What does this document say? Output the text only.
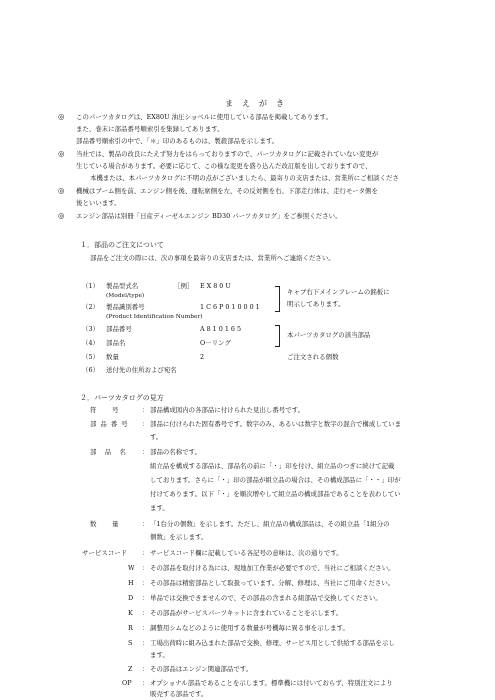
まえがき
◎ このパーツカタログは、EX80U 油圧ショベルに使用している部品を掲載してあります。
また、巻末に部品番号順索引を集録してあります。
部品番号順索引の中で、「＊」印のあるものは、製殺部品を示します。
◎ 当社では、製品の改良にたえず努力をはらっておりますので、パーツカタログに記載されていない変更が
生じている場合があります。必要に応じて、この様な変更を盛り込んだ改訂版を出しておりますので、
本機または、本パーツカタログに不明の点がございましたら、最寄りの支店または、営業所にご相談くださ
◎ 機械はブーム側を前、エンジン側を後、運転席側を左、その反対側を右、下部走行体は、走行モータ側を
後といいます。
◎ エンジン部品は別冊「日産ディーゼルエンジン BD30 パーツカタログ」をご参照ください。
１．部品のご注文について
部品をご注文の際には、次の事項を最寄りの支店または、営業所へご連絡ください。
（1） 製品型式名
(Model/type)
［例］ EX80U
（2） 製品識別番号
(Product Identification Number)
1C6P010001
キャブ右下メインフレームの銘板に
明示してあります。
（3） 部品番号	A810165
（4） 部品名	O－リング
本パーツカタログの該当部品
（5） 数量	2	ご注文される個数
（6） 送付先の住所および宛名
２．パーツカタログの見方
符　　号	： 部品構成図内の各部品に付けられた見出し番号です。
部 品 番 号 ： 部品に付けられた固有番号です。数字のみ、あるいは数字と数字の混合で構成していま
す。
部　品　名 ： 部品の名称です。
組立品を構成する部品は、部品名の前に「・」印を付け、組立品のつぎに続けて記載
しております。さらに「・」印の部品が組立品の場合は、その構成部品に「・・」印が
付けてあります。以下「・」を順次増やして組立品の構成部品であることを表わしてい
ます。
数　　量	： 「1台分の個数」を示します。ただし、組立品の構成部品は、その組立品「1組分の
個数」を示します。
サービスコード ： サービスコード欄に記載している各記号の意味は、次の通りです。
W ： その部品を取付ける為には、現地加工作業が必要ですので、当社にご相談ください。
H ： その部品は精密部品として取扱っています。分解、修理は、当社にご用命ください。
D ： 単品では交換できませんので、その部品の含まれる組部品で交換してください。
K ： その部品がサービスパーツキットに含まれていることを示します。
R ： 調整用シムなどのように使用する数量が号機毎に異る事を示します。
S ： 工場出荷時に組み込まれた部品で交換、修理、サービス用として供給する部品を示し
ます。
Z ： その部品はエンジン関連部品です。
OP ： オプショナル部品であることを示します。標準機には付いておらず、特別注文により
販売する部品です。
